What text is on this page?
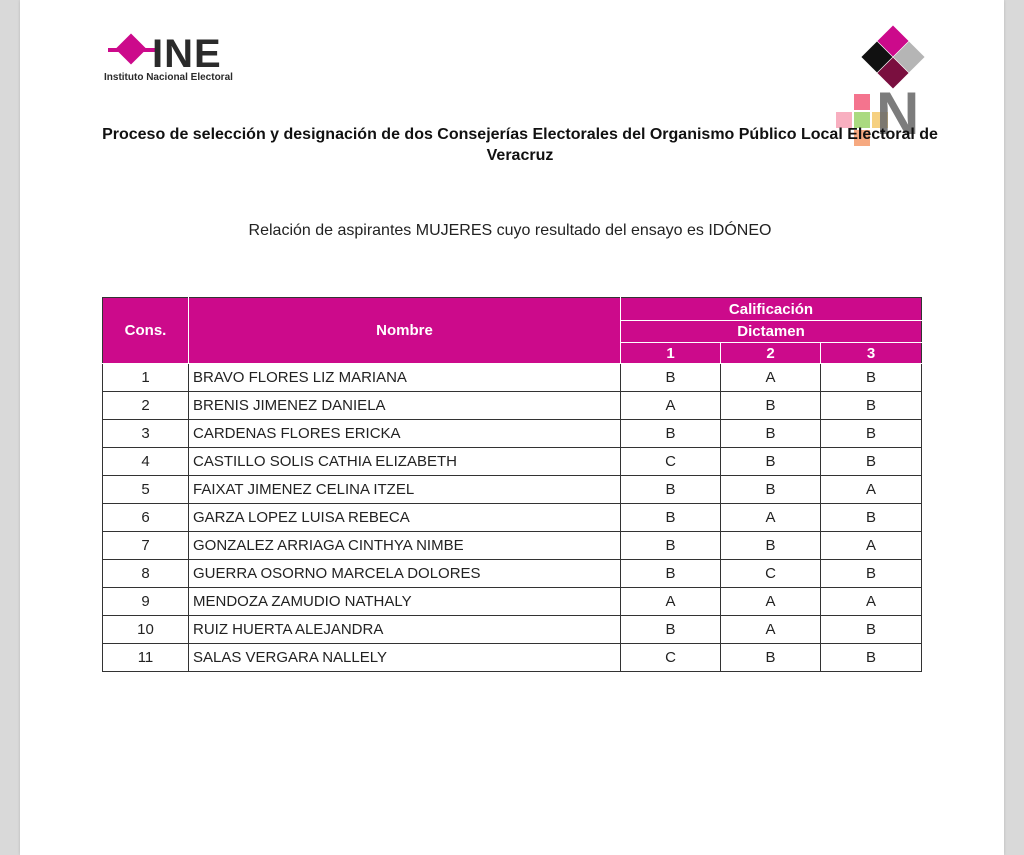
INE
Instituto Nacional Electoral
N
Proceso de selección y designación de dos Consejerías Electorales del Organismo Público Local Electoral de Veracruz
Relación de aspirantes MUJERES cuyo resultado del ensayo es IDÓNEO
Cons.	Nombre	Calificación		
		Dictamen		
		1	2	3
1	BRAVO FLORES LIZ MARIANA	B	A	B
2	BRENIS JIMENEZ DANIELA	A	B	B
3	CARDENAS FLORES ERICKA	B	B	B
4	CASTILLO SOLIS CATHIA ELIZABETH	C	B	B
5	FAIXAT JIMENEZ CELINA ITZEL	B	B	A
6	GARZA LOPEZ LUISA REBECA	B	A	B
7	GONZALEZ ARRIAGA CINTHYA NIMBE	B	B	A
8	GUERRA OSORNO MARCELA DOLORES	B	C	B
9	MENDOZA ZAMUDIO NATHALY	A	A	A
10	RUIZ HUERTA ALEJANDRA	B	A	B
11	SALAS VERGARA NALLELY	C	B	B
